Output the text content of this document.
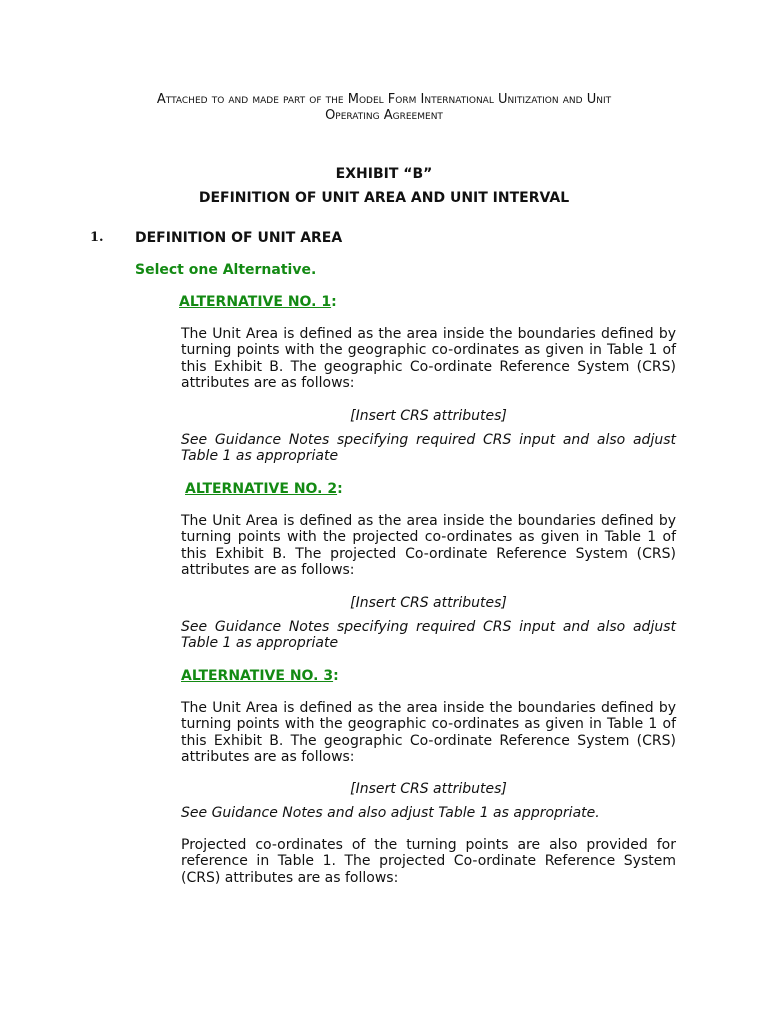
Attached to and made part of the Model Form International Unitization and Unit
Operating Agreement
EXHIBIT “B”
DEFINITION OF UNIT AREA AND UNIT INTERVAL
1. DEFINITION OF UNIT AREA
Select one Alternative.
ALTERNATIVE NO. 1:
The Unit Area is defined as the area inside the boundaries defined by turning points with the geographic co-ordinates as given in Table 1 of this Exhibit B. The geographic Co-ordinate Reference System (CRS) attributes are as follows:
[Insert CRS attributes]
See Guidance Notes specifying required CRS input and also adjust Table 1 as appropriate
ALTERNATIVE NO. 2:
The Unit Area is defined as the area inside the boundaries defined by turning points with the projected co-ordinates as given in Table 1 of this Exhibit B. The projected Co-ordinate Reference System (CRS) attributes are as follows:
[Insert CRS attributes]
See Guidance Notes specifying required CRS input and also adjust Table 1 as appropriate
ALTERNATIVE NO. 3:
The Unit Area is defined as the area inside the boundaries defined by turning points with the geographic co-ordinates as given in Table 1 of this Exhibit B. The geographic Co-ordinate Reference System (CRS) attributes are as follows:
[Insert CRS attributes]
See Guidance Notes and also adjust Table 1 as appropriate.
Projected co-ordinates of the turning points are also provided for reference in Table 1. The projected Co-ordinate Reference System (CRS) attributes are as follows:
